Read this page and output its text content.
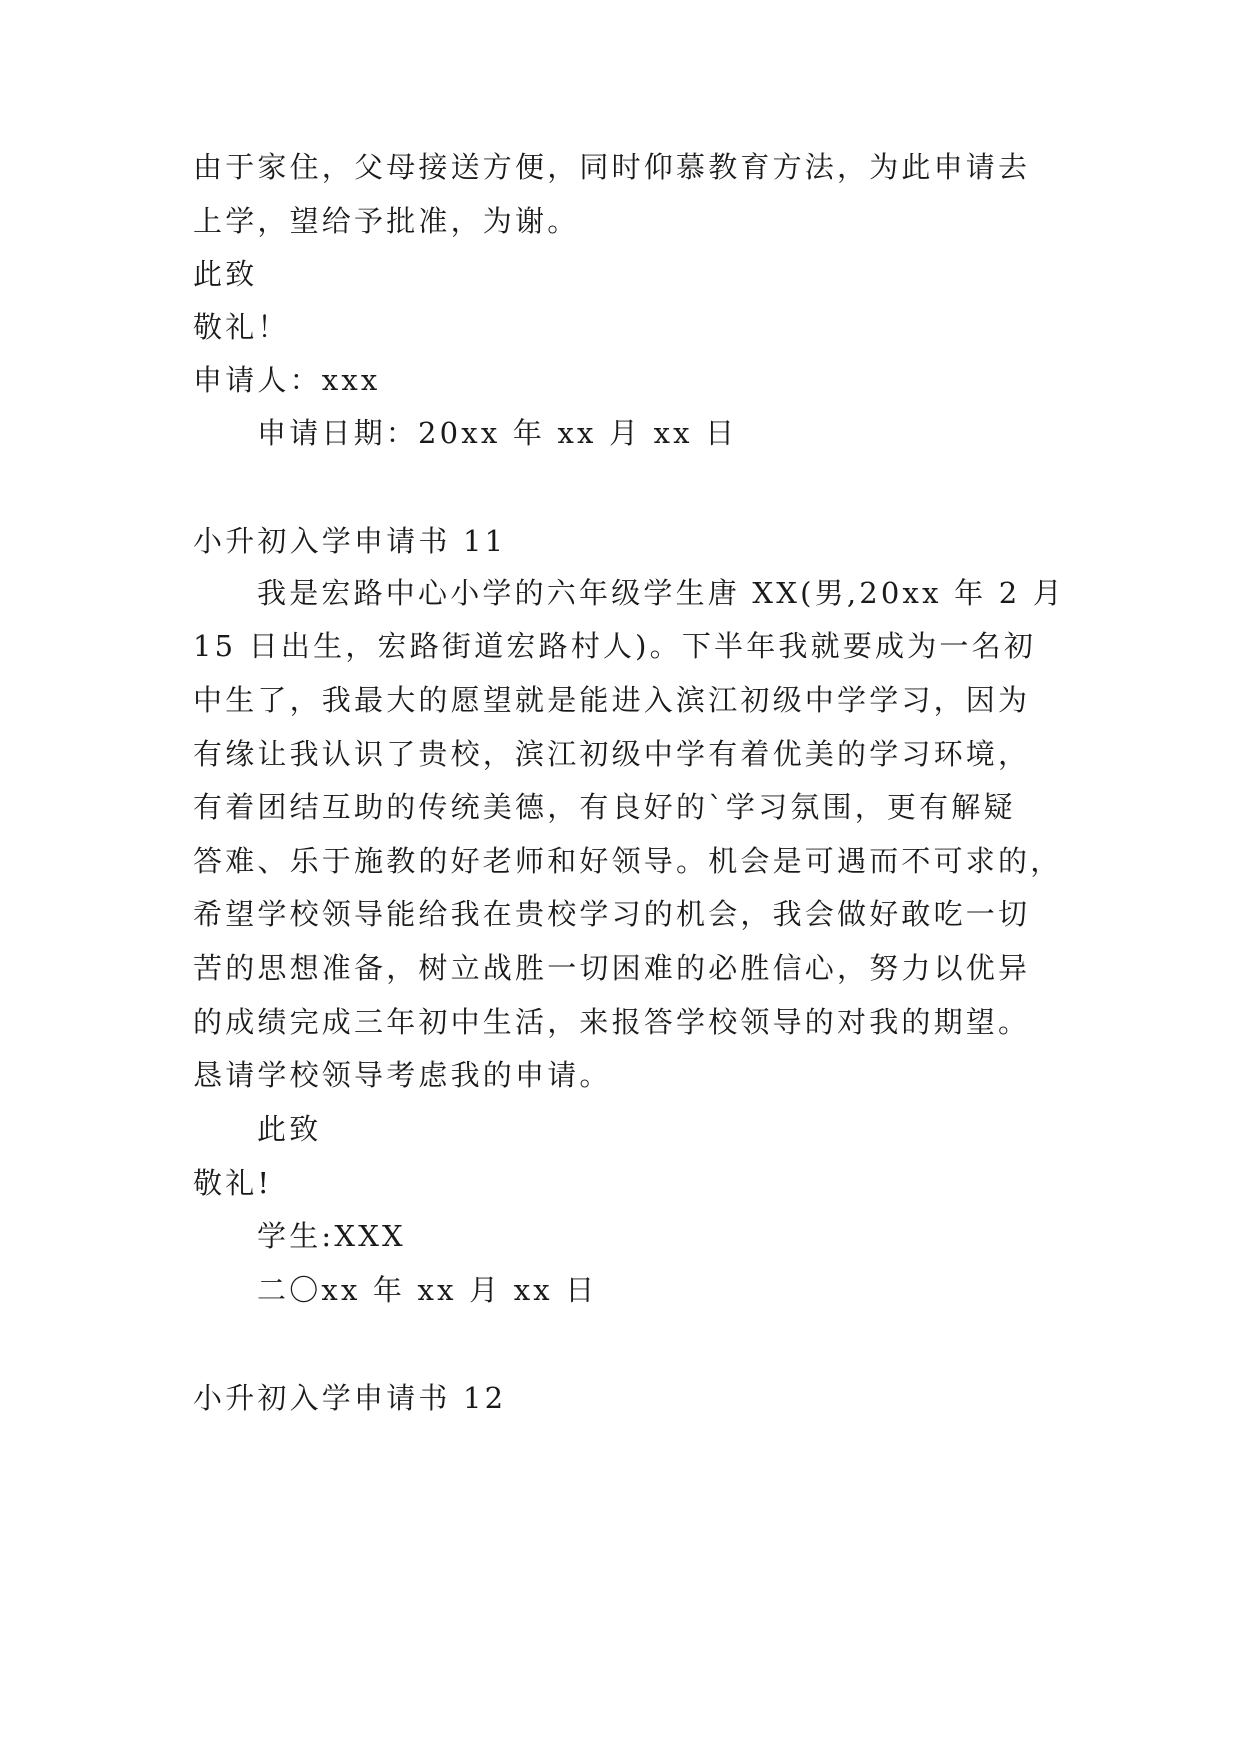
由于家住，父母接送方便，同时仰慕教育方法，为此申请去
上学，望给予批准，为谢。
此致
敬礼！
申请人：xxx
申请日期：20xx 年 xx 月 xx 日
小升初入学申请书 11
我是宏路中心小学的六年级学生唐 XX(男,20xx 年 2 月
15 日出生，宏路街道宏路村人)。下半年我就要成为一名初
中生了，我最大的愿望就是能进入滨江初级中学学习，因为
有缘让我认识了贵校，滨江初级中学有着优美的学习环境，
有着团结互助的传统美德，有良好的`学习氛围，更有解疑
答难、乐于施教的好老师和好领导。机会是可遇而不可求的，
希望学校领导能给我在贵校学习的机会，我会做好敢吃一切
苦的思想准备，树立战胜一切困难的必胜信心，努力以优异
的成绩完成三年初中生活，来报答学校领导的对我的期望。
恳请学校领导考虑我的申请。
此致
敬礼!
学生:XXX
二〇xx 年 xx 月 xx 日
小升初入学申请书 12
